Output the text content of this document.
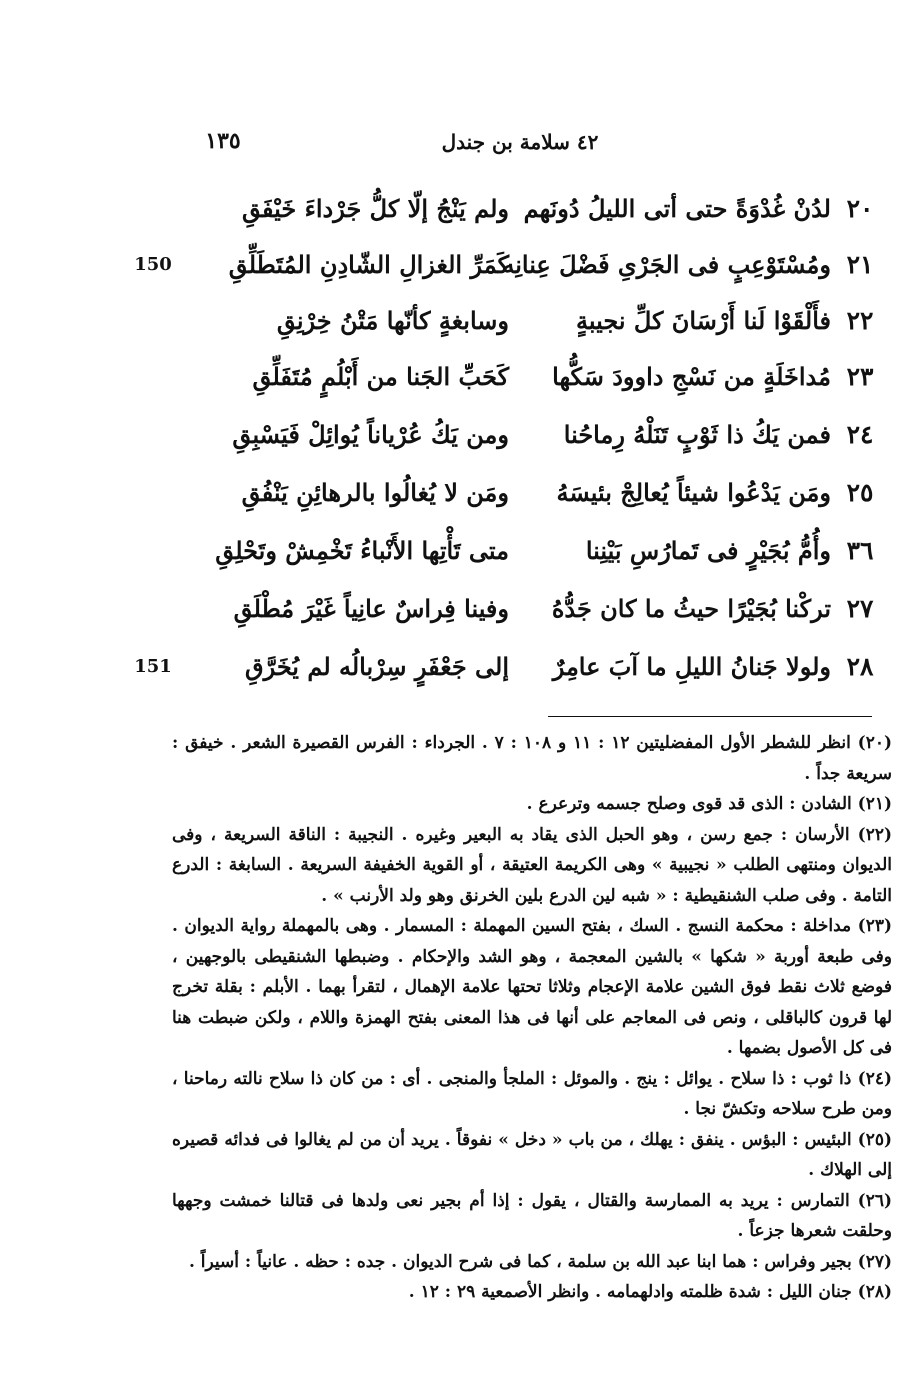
٤٢ سلامة بن جندل
١٣٥
٢٠
لدُنْ غُدْوَةً حتى أتى الليلُ دُونَهم
ولم يَنْجُ إلّا كلُّ جَرْداءَ خَيْفَقِ
٢١
ومُسْتَوْعِبٍ فى الجَرْىِ فَضْلَ عِنانِه
كَمَرِّ الغزالِ الشّادِنِ المُتَطَلِّقِ
150
٢٢
فأَلْقَوْا لَنا أَرْسَانَ كلِّ نجيبةٍ
وسابغةٍ كأنّها مَتْنُ خِرْنِقِ
٢٣
مُداخَلَةٍ من نَسْجِ داوودَ سَكُّها
كَحَبِّ الجَنا من أَبْلُمٍ مُتَفَلِّقِ
٢٤
فمن يَكُ ذا ثَوْبٍ تَنَلْهُ رِماحُنا
ومن يَكُ عُرْياناً يُوائِلْ فَيَسْبِقِ
٢٥
ومَن يَدْعُوا شيئاً يُعالِجْ بئيسَهُ
ومَن لا يُغالُوا بالرهائِنِ يَنْفُقِ
٣٦
وأُمُّ بُجَيْرٍ فى تَمارُسِ بَيْنِنا
متى تَأْتِها الأَنْباءُ تَخْمِشْ وتَحْلِقِ
٢٧
تركْنا بُجَيْرًا حيثُ ما كان جَدُّهُ
وفينا فِراسٌ عانِياً غَيْرَ مُطْلَقِ
٢٨
ولولا جَنانُ الليلِ ما آبَ عامِرٌ
إلى جَعْفَرٍ سِرْبالُه لم يُخَرَّقِ
151

(٢٠) انظر للشطر الأول المفضليتين ١٢ : ١١ و ١٠٨ : ٧ . الجرداء : الفرس القصيرة الشعر . خيفق : سريعة جداً .

(٢١) الشادن : الذى قد قوى وصلح جسمه وترعرع .

(٢٢) الأرسان : جمع رسن ، وهو الحبل الذى يقاد به البعير وغيره . النجيبة : الناقة السريعة ، وفى الديوان ومنتهى الطلب « نجيبية » وهى الكريمة العتيقة ، أو القوية الخفيفة السريعة . السابغة : الدرع التامة . وفى صلب الشنقيطية : « شبه لين الدرع بلين الخرنق وهو ولد الأرنب » .

(٢٣) مداخلة : محكمة النسج . السك ، بفتح السين المهملة : المسمار . وهى بالمهملة رواية الديوان . وفى طبعة أوربة « شكها » بالشين المعجمة ، وهو الشد والإحكام . وضبطها الشنقيطى بالوجهين ، فوضع ثلاث نقط فوق الشين علامة الإعجام وثلاثا تحتها علامة الإهمال ، لتقرأ بهما . الأبلم : بقلة تخرج لها قرون كالباقلى ، ونص فى المعاجم على أنها فى هذا المعنى بفتح الهمزة واللام ، ولكن ضبطت هنا فى كل الأصول بضمها .

(٢٤) ذا ثوب : ذا سلاح . يوائل : ينج . والموئل : الملجأ والمنجى . أى : من كان ذا سلاح نالته رماحنا ، ومن طرح سلاحه وتكشّ نجا .

(٢٥) البئيس : البؤس . ينفق : يهلك ، من باب « دخل » نفوقاً . يريد أن من لم يغالوا فى فدائه قصيره إلى الهلاك .

(٢٦) التمارس : يريد به الممارسة والقتال ، يقول : إذا أم بجير نعى ولدها فى قتالنا خمشت وجهها وحلقت شعرها جزعاً .

(٢٧) بجير وفراس : هما ابنا عبد الله بن سلمة ، كما فى شرح الديوان . جده : حظه . عانياً : أسيراً .

(٢٨) جنان الليل : شدة ظلمته وادلهمامه . وانظر الأصمعية ٢٩ : ١٢ .
